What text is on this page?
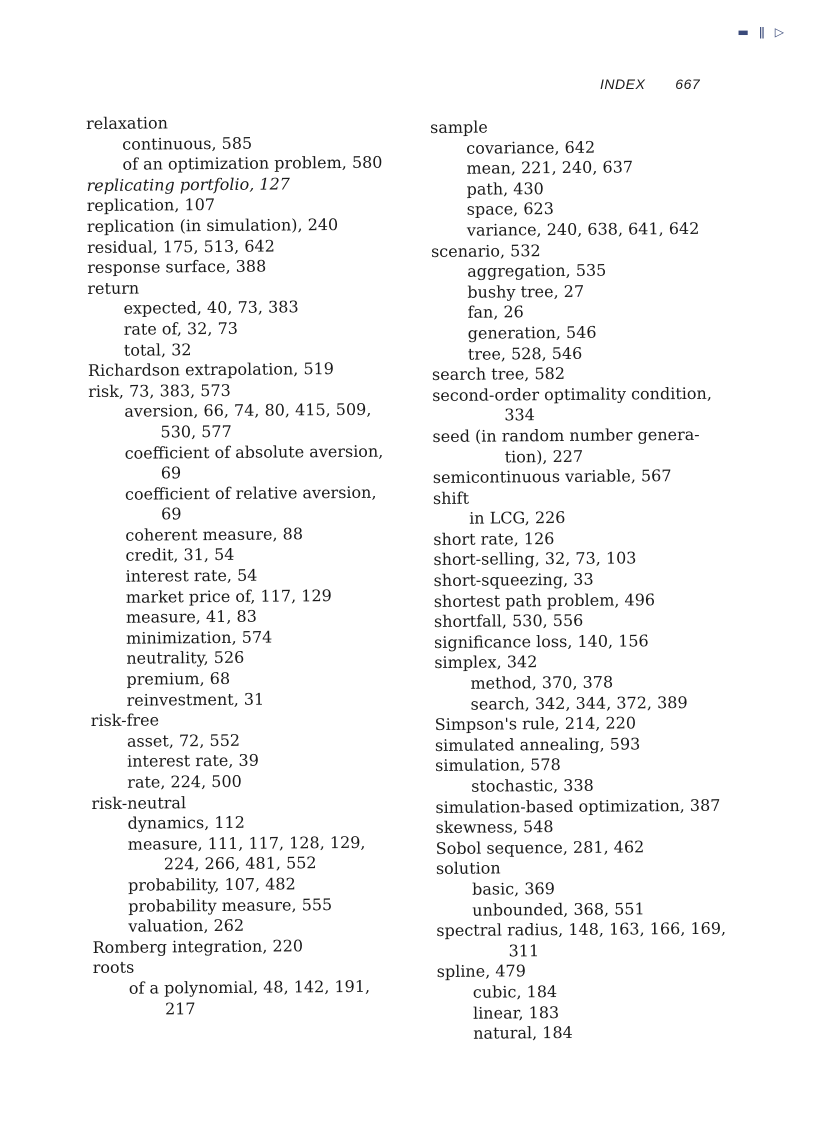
▬ ǁ ▷
INDEX 667
relaxation
continuous, 585
of an optimization problem, 580
replicating portfolio, 127
replication, 107
replication (in simulation), 240
residual, 175, 513, 642
response surface, 388
return
expected, 40, 73, 383
rate of, 32, 73
total, 32
Richardson extrapolation, 519
risk, 73, 383, 573
aversion, 66, 74, 80, 415, 509,
530, 577
coefficient of absolute aversion,
69
coefficient of relative aversion,
69
coherent measure, 88
credit, 31, 54
interest rate, 54
market price of, 117, 129
measure, 41, 83
minimization, 574
neutrality, 526
premium, 68
reinvestment, 31
risk-free
asset, 72, 552
interest rate, 39
rate, 224, 500
risk-neutral
dynamics, 112
measure, 111, 117, 128, 129,
224, 266, 481, 552
probability, 107, 482
probability measure, 555
valuation, 262
Romberg integration, 220
roots
of a polynomial, 48, 142, 191,
217
sample
covariance, 642
mean, 221, 240, 637
path, 430
space, 623
variance, 240, 638, 641, 642
scenario, 532
aggregation, 535
bushy tree, 27
fan, 26
generation, 546
tree, 528, 546
search tree, 582
second-order optimality condition,
334
seed (in random number genera-
tion), 227
semicontinuous variable, 567
shift
in LCG, 226
short rate, 126
short-selling, 32, 73, 103
short-squeezing, 33
shortest path problem, 496
shortfall, 530, 556
significance loss, 140, 156
simplex, 342
method, 370, 378
search, 342, 344, 372, 389
Simpson's rule, 214, 220
simulated annealing, 593
simulation, 578
stochastic, 338
simulation-based optimization, 387
skewness, 548
Sobol sequence, 281, 462
solution
basic, 369
unbounded, 368, 551
spectral radius, 148, 163, 166, 169,
311
spline, 479
cubic, 184
linear, 183
natural, 184
